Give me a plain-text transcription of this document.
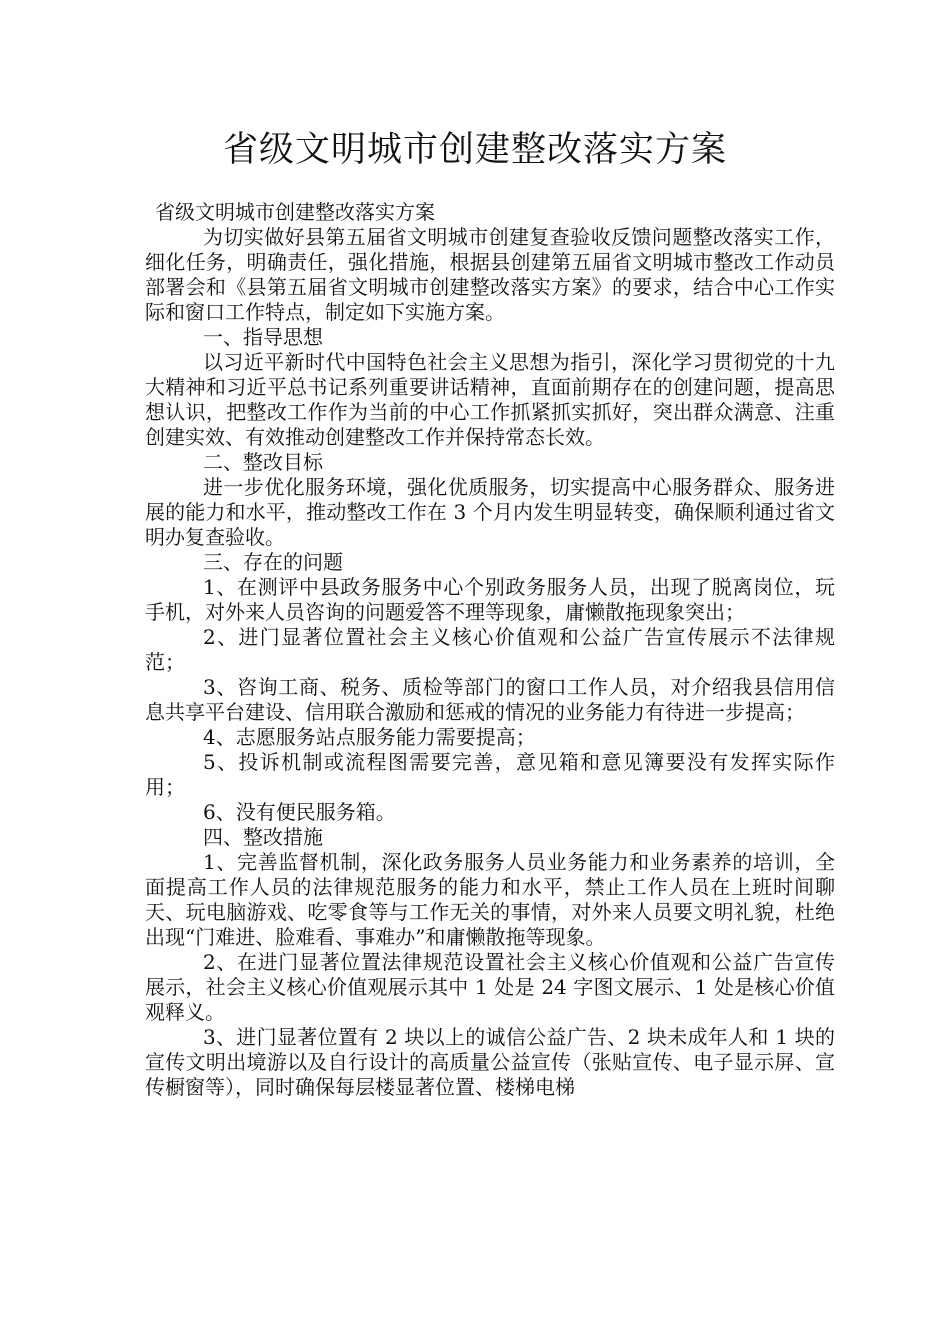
省级文明城市创建整改落实方案

省级文明城市创建整改落实方案

为切实做好县第五届省文明城市创建复查验收反馈问题整改落实工作，细化任务，明确责任，强化措施，根据县创建第五届省文明城市整改工作动员部署会和《县第五届省文明城市创建整改落实方案》的要求，结合中心工作实际和窗口工作特点，制定如下实施方案。

一、指导思想

以习近平新时代中国特色社会主义思想为指引，深化学习贯彻党的十九大精神和习近平总书记系列重要讲话精神，直面前期存在的创建问题，提高思想认识，把整改工作作为当前的中心工作抓紧抓实抓好，突出群众满意、注重创建实效、有效推动创建整改工作并保持常态长效。

二、整改目标

进一步优化服务环境，强化优质服务，切实提高中心服务群众、服务进展的能力和水平，推动整改工作在 3 个月内发生明显转变，确保顺利通过省文明办复查验收。

三、存在的问题

1、在测评中县政务服务中心个别政务服务人员，出现了脱离岗位，玩手机，对外来人员咨询的问题爱答不理等现象，庸懒散拖现象突出；

2、进门显著位置社会主义核心价值观和公益广告宣传展示不法律规范；

3、咨询工商、税务、质检等部门的窗口工作人员，对介绍我县信用信息共享平台建设、信用联合激励和惩戒的情况的业务能力有待进一步提高；

4、志愿服务站点服务能力需要提高；

5、投诉机制或流程图需要完善，意见箱和意见簿要没有发挥实际作用；

6、没有便民服务箱。

四、整改措施

1、完善监督机制，深化政务服务人员业务能力和业务素养的培训，全面提高工作人员的法律规范服务的能力和水平，禁止工作人员在上班时间聊天、玩电脑游戏、吃零食等与工作无关的事情，对外来人员要文明礼貌，杜绝出现“门难进、脸难看、事难办”和庸懒散拖等现象。

2、在进门显著位置法律规范设置社会主义核心价值观和公益广告宣传展示，社会主义核心价值观展示其中 1 处是 24 字图文展示、1 处是核心价值观释义。

3、进门显著位置有 2 块以上的诚信公益广告、2 块未成年人和 1 块的宣传文明出境游以及自行设计的高质量公益宣传（张贴宣传、电子显示屏、宣传橱窗等），同时确保每层楼显著位置、楼梯电梯
